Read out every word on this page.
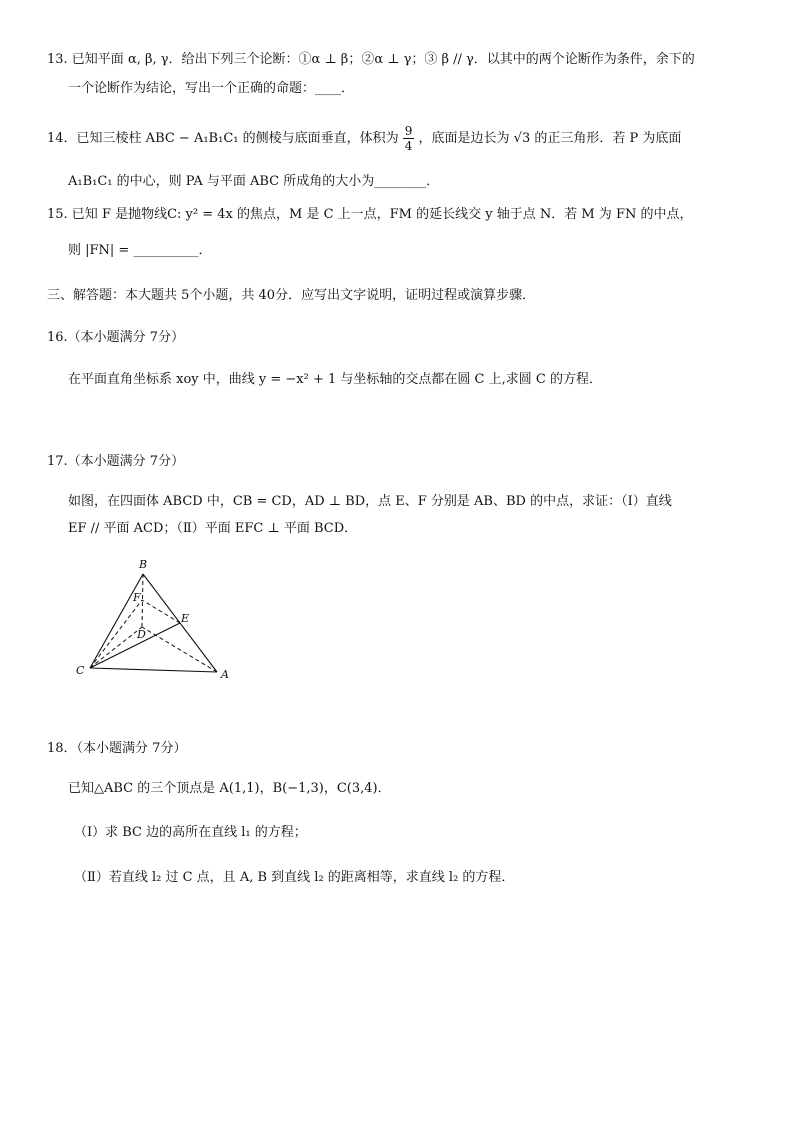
13. 已知平面 α, β, γ．给出下列三个论断：①α ⊥ β；②α ⊥ γ；③ β // γ．以其中的两个论断作为条件，余下的
一个论断作为结论，写出一个正确的命题：____．
14．已知三棱柱 ABC − A₁B₁C₁ 的侧棱与底面垂直，体积为 $\frac{9}{4}$ ，底面是边长为 √3 的正三角形．若 P 为底面
A₁B₁C₁ 的中心，则 PA 与平面 ABC 所成角的大小为________．
15. 已知 F 是抛物线C: y² = 4x 的焦点，M 是 C 上一点，FM 的延长线交 y 轴于点 N．若 M 为 FN 的中点，
则 |FN| = __________．
三、解答题：本大题共 5个小题，共 40分．应写出文字说明，证明过程或演算步骤．
16.（本小题满分 7分）
在平面直角坐标系 xoy 中，曲线 y = −x² + 1 与坐标轴的交点都在圆 C 上,求圆 C 的方程．
17.（本小题满分 7分）
如图，在四面体 ABCD 中，CB = CD，AD ⊥ BD，点 E、F 分别是 AB、BD 的中点，求证：（Ⅰ）直线
EF // 平面 ACD；（Ⅱ）平面 EFC ⊥ 平面 BCD．
B
F
E
D
C	A
18．（本小题满分 7分）
已知△ABC 的三个顶点是 A(1,1)，B(−1,3)，C(3,4)．
（Ⅰ）求 BC 边的高所在直线 l₁ 的方程；
（Ⅱ）若直线 l₂ 过 C 点，且 A, B 到直线 l₂ 的距离相等，求直线 l₂ 的方程．
